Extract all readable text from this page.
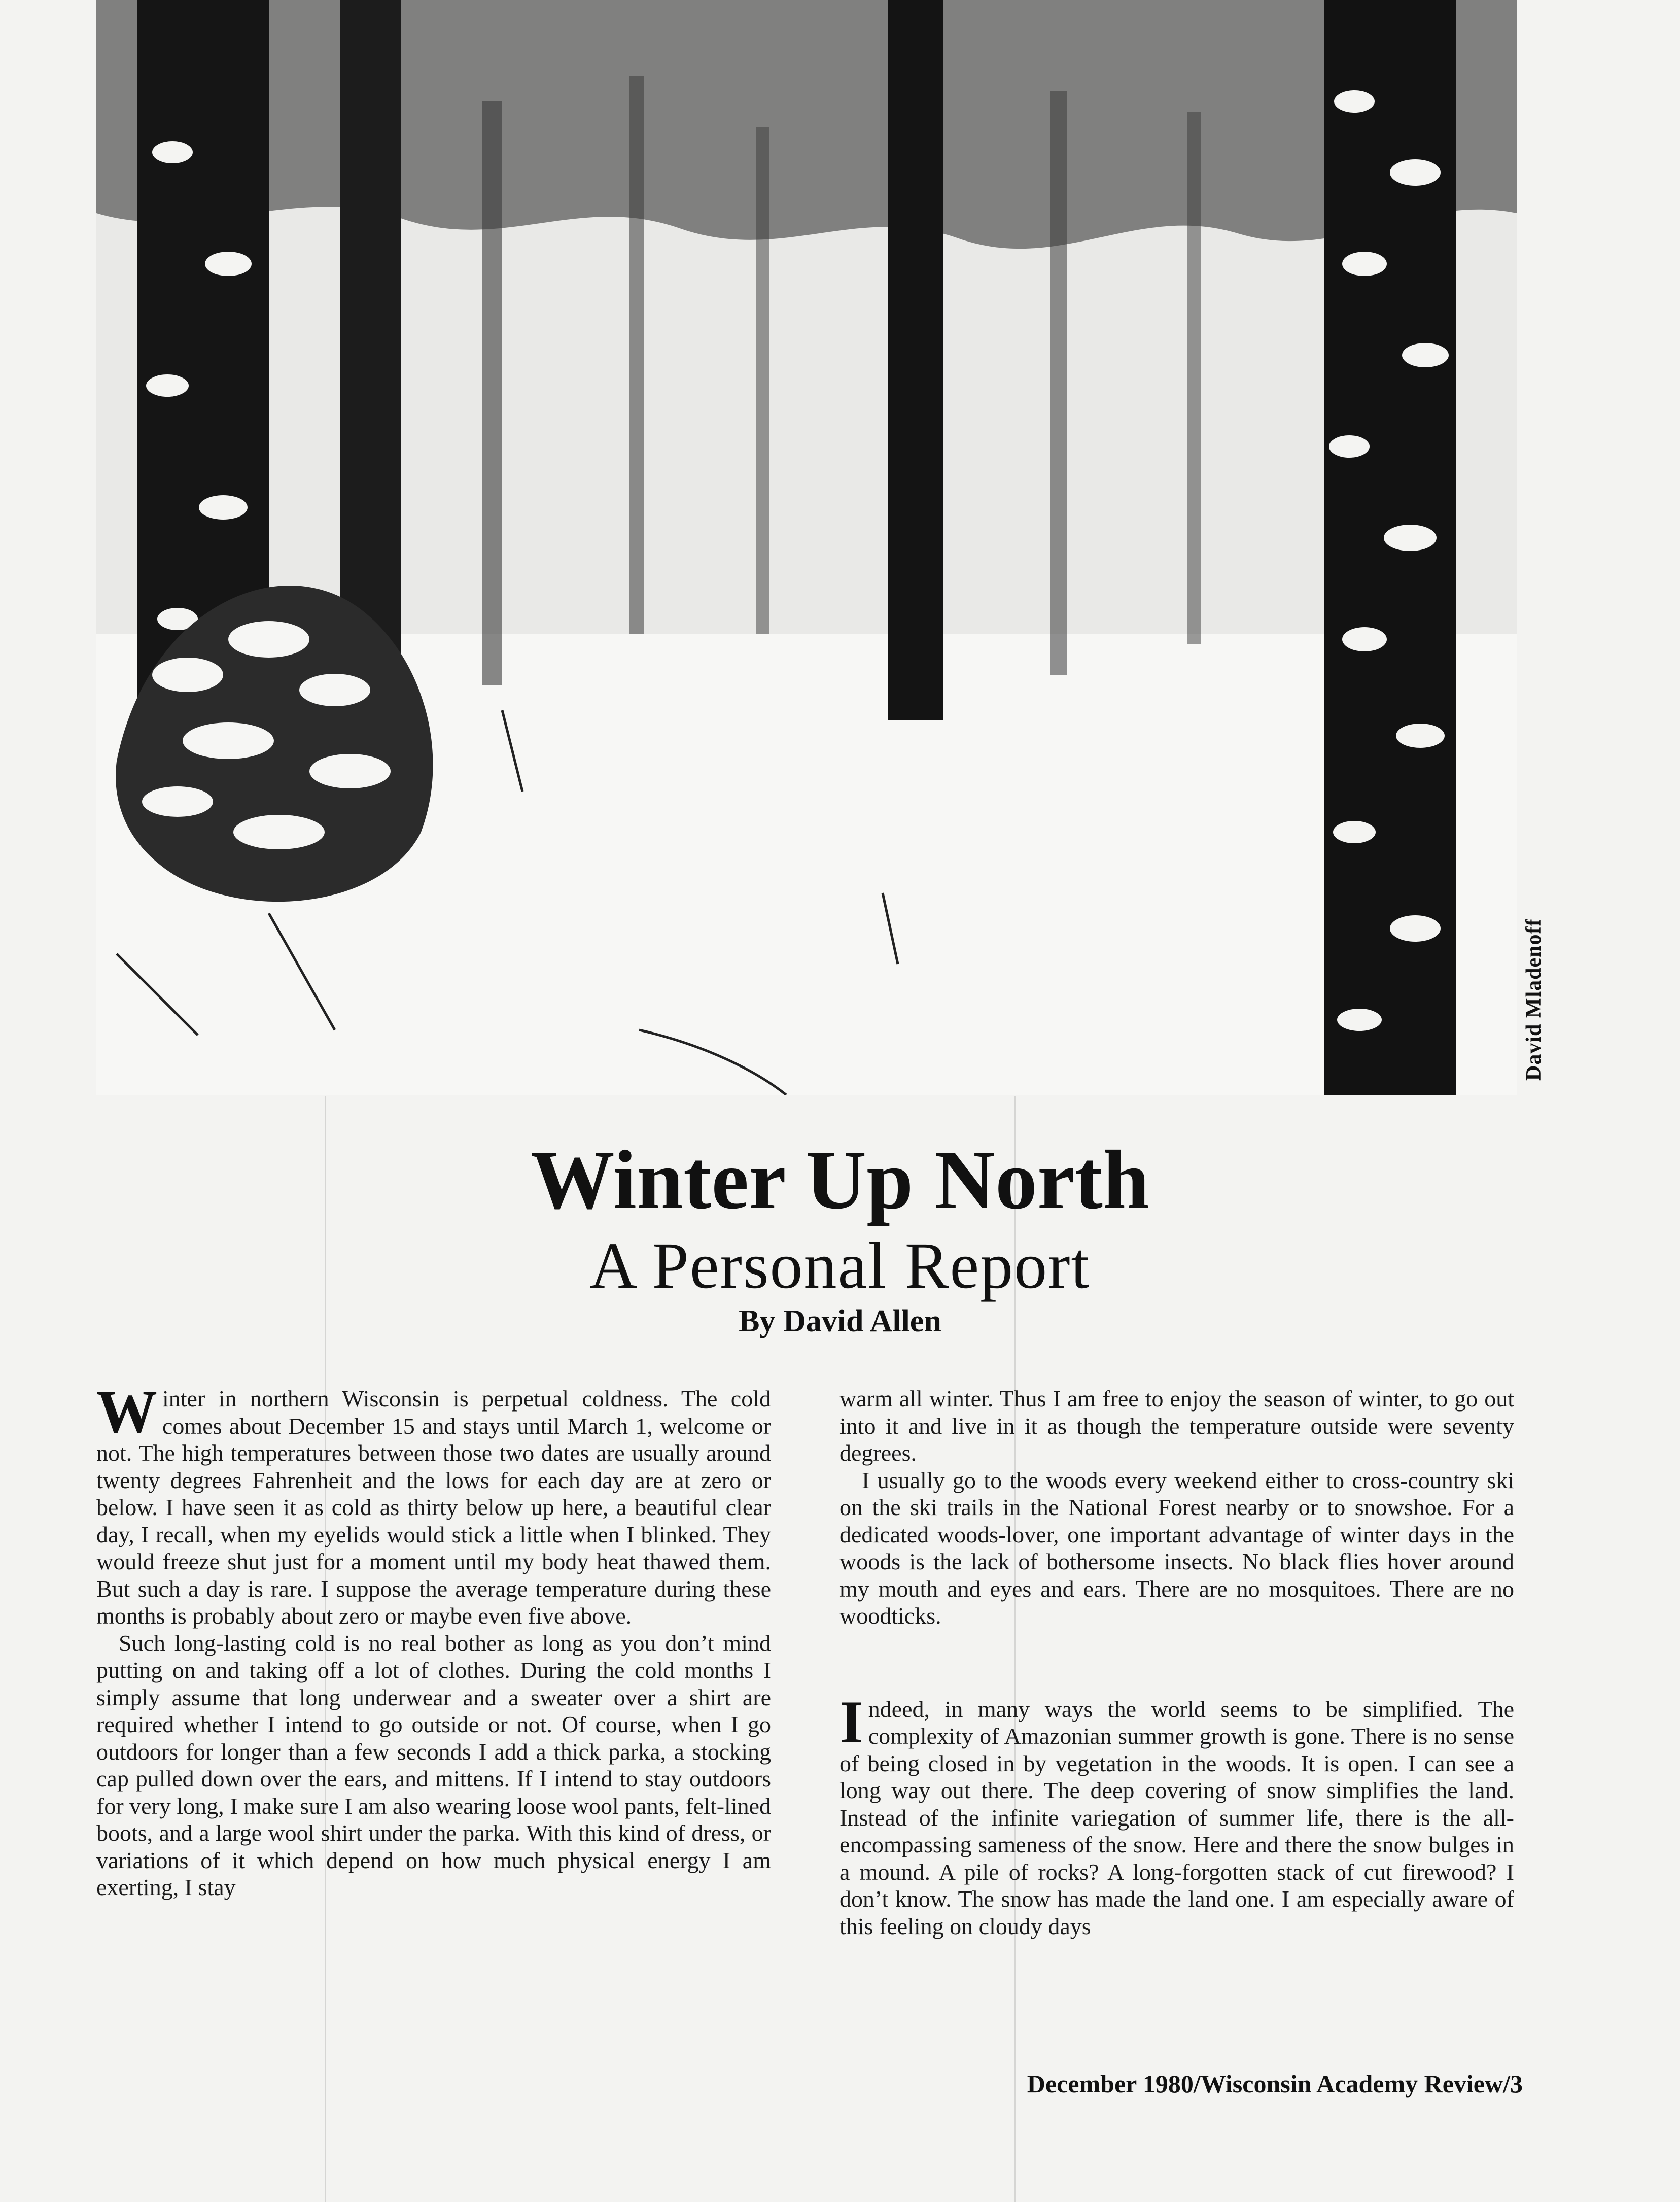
David Mladenoff
Winter Up North
A Personal Report
By David Allen

Winter in northern Wisconsin is perpetual coldness. The cold comes about December 15 and stays until March 1, welcome or not. The high temperatures between those two dates are usually around twenty degrees Fahrenheit and the lows for each day are at zero or below. I have seen it as cold as thirty below up here, a beautiful clear day, I recall, when my eyelids would stick a little when I blinked. They would freeze shut just for a moment until my body heat thawed them. But such a day is rare. I suppose the average temperature during these months is probably about zero or maybe even five above.

Such long-lasting cold is no real bother as long as you don’t mind putting on and taking off a lot of clothes. During the cold months I simply assume that long underwear and a sweater over a shirt are required whether I intend to go outside or not. Of course, when I go outdoors for longer than a few seconds I add a thick parka, a stocking cap pulled down over the ears, and mittens. If I intend to stay outdoors for very long, I make sure I am also wearing loose wool pants, felt-lined boots, and a large wool shirt under the parka. With this kind of dress, or variations of it which depend on how much physical energy I am exerting, I stay

warm all winter. Thus I am free to enjoy the season of winter, to go out into it and live in it as though the temperature outside were seventy degrees.

I usually go to the woods every weekend either to cross-country ski on the ski trails in the National Forest nearby or to snowshoe. For a dedicated woods-lover, one important advantage of winter days in the woods is the lack of bothersome insects. No black flies hover around my mouth and eyes and ears. There are no mosquitoes. There are no woodticks.

Indeed, in many ways the world seems to be simplified. The complexity of Amazonian summer growth is gone. There is no sense of being closed in by vegetation in the woods. It is open. I can see a long way out there. The deep covering of snow simplifies the land. Instead of the infinite variegation of summer life, there is the all-encompassing sameness of the snow. Here and there the snow bulges in a mound. A pile of rocks? A long-forgotten stack of cut firewood? I don’t know. The snow has made the land one. I am especially aware of this feeling on cloudy days

December 1980/Wisconsin Academy Review/3
